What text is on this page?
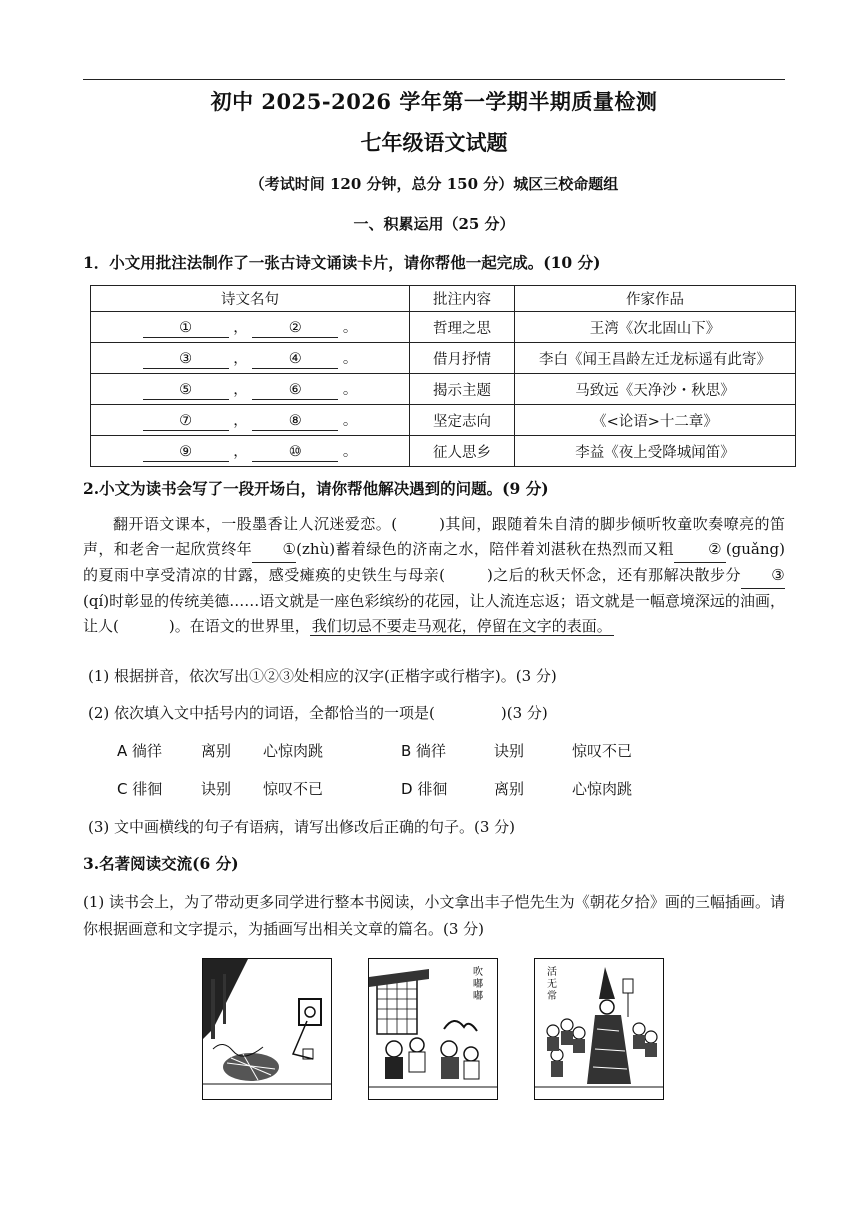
初中 2025-2026 学年第一学期半期质量检测
七年级语文试题
（考试时间 120 分钟，总分 150 分）城区三校命题组
一、积累运用（25 分）
1．小文用批注法制作了一张古诗文诵读卡片，请你帮他一起完成。(10 分)
诗文名句	批注内容	作家作品
① ， ② 。	哲理之思	王湾《次北固山下》
③ ， ④ 。	借月抒情	李白《闻王昌龄左迁龙标遥有此寄》
⑤ ， ⑥ 。	揭示主题	马致远《天净沙・秋思》
⑦ ， ⑧ 。	坚定志向	《<论语>十二章》
⑨ ， ⑩ 。	征人思乡	李益《夜上受降城闻笛》
2.小文为读书会写了一段开场白，请你帮他解决遇到的问题。(9 分)

翻开语文课本，一股墨香让人沉迷爱恋。(	)其间，跟随着朱自清的脚步倾听牧童吹奏嘹亮的笛声，和老舍一起欣赏终年 ①(zhù)蓄着绿色的济南之水，陪伴着刘湛秋在热烈而又粗 ② (guǎng)的夏雨中享受清凉的甘露，感受瘫痪的史铁生与母亲(	)之后的秋天怀念，还有那解决散步分 ③(qí)时彰显的传统美德……语文就是一座色彩缤纷的花园，让人流连忘返；语文就是一幅意境深远的油画，让人(	)。在语文的世界里， 我们切忌不要走马观花，停留在文字的表面。

(1) 根据拼音，依次写出①②③处相应的汉字(正楷字或行楷字)。(3 分)
(2) 依次填入文中括号内的词语，全都恰当的一项是(	)(3 分)
A 徜徉	离别 心惊肉跳	B 徜徉	诀别	惊叹不已
C 徘徊	诀别 惊叹不已	D 徘徊	离别	心惊肉跳
(3) 文中画横线的句子有语病，请写出修改后正确的句子。(3 分)
3.名著阅读交流(6 分)

(1) 读书会上，为了带动更多同学进行整本书阅读，小文拿出丰子恺先生为《朝花夕拾》画的三幅插画。请你根据画意和文字提示，为插画写出相关文章的篇名。(3 分)

吹
嘟
嘟
活
无
常
